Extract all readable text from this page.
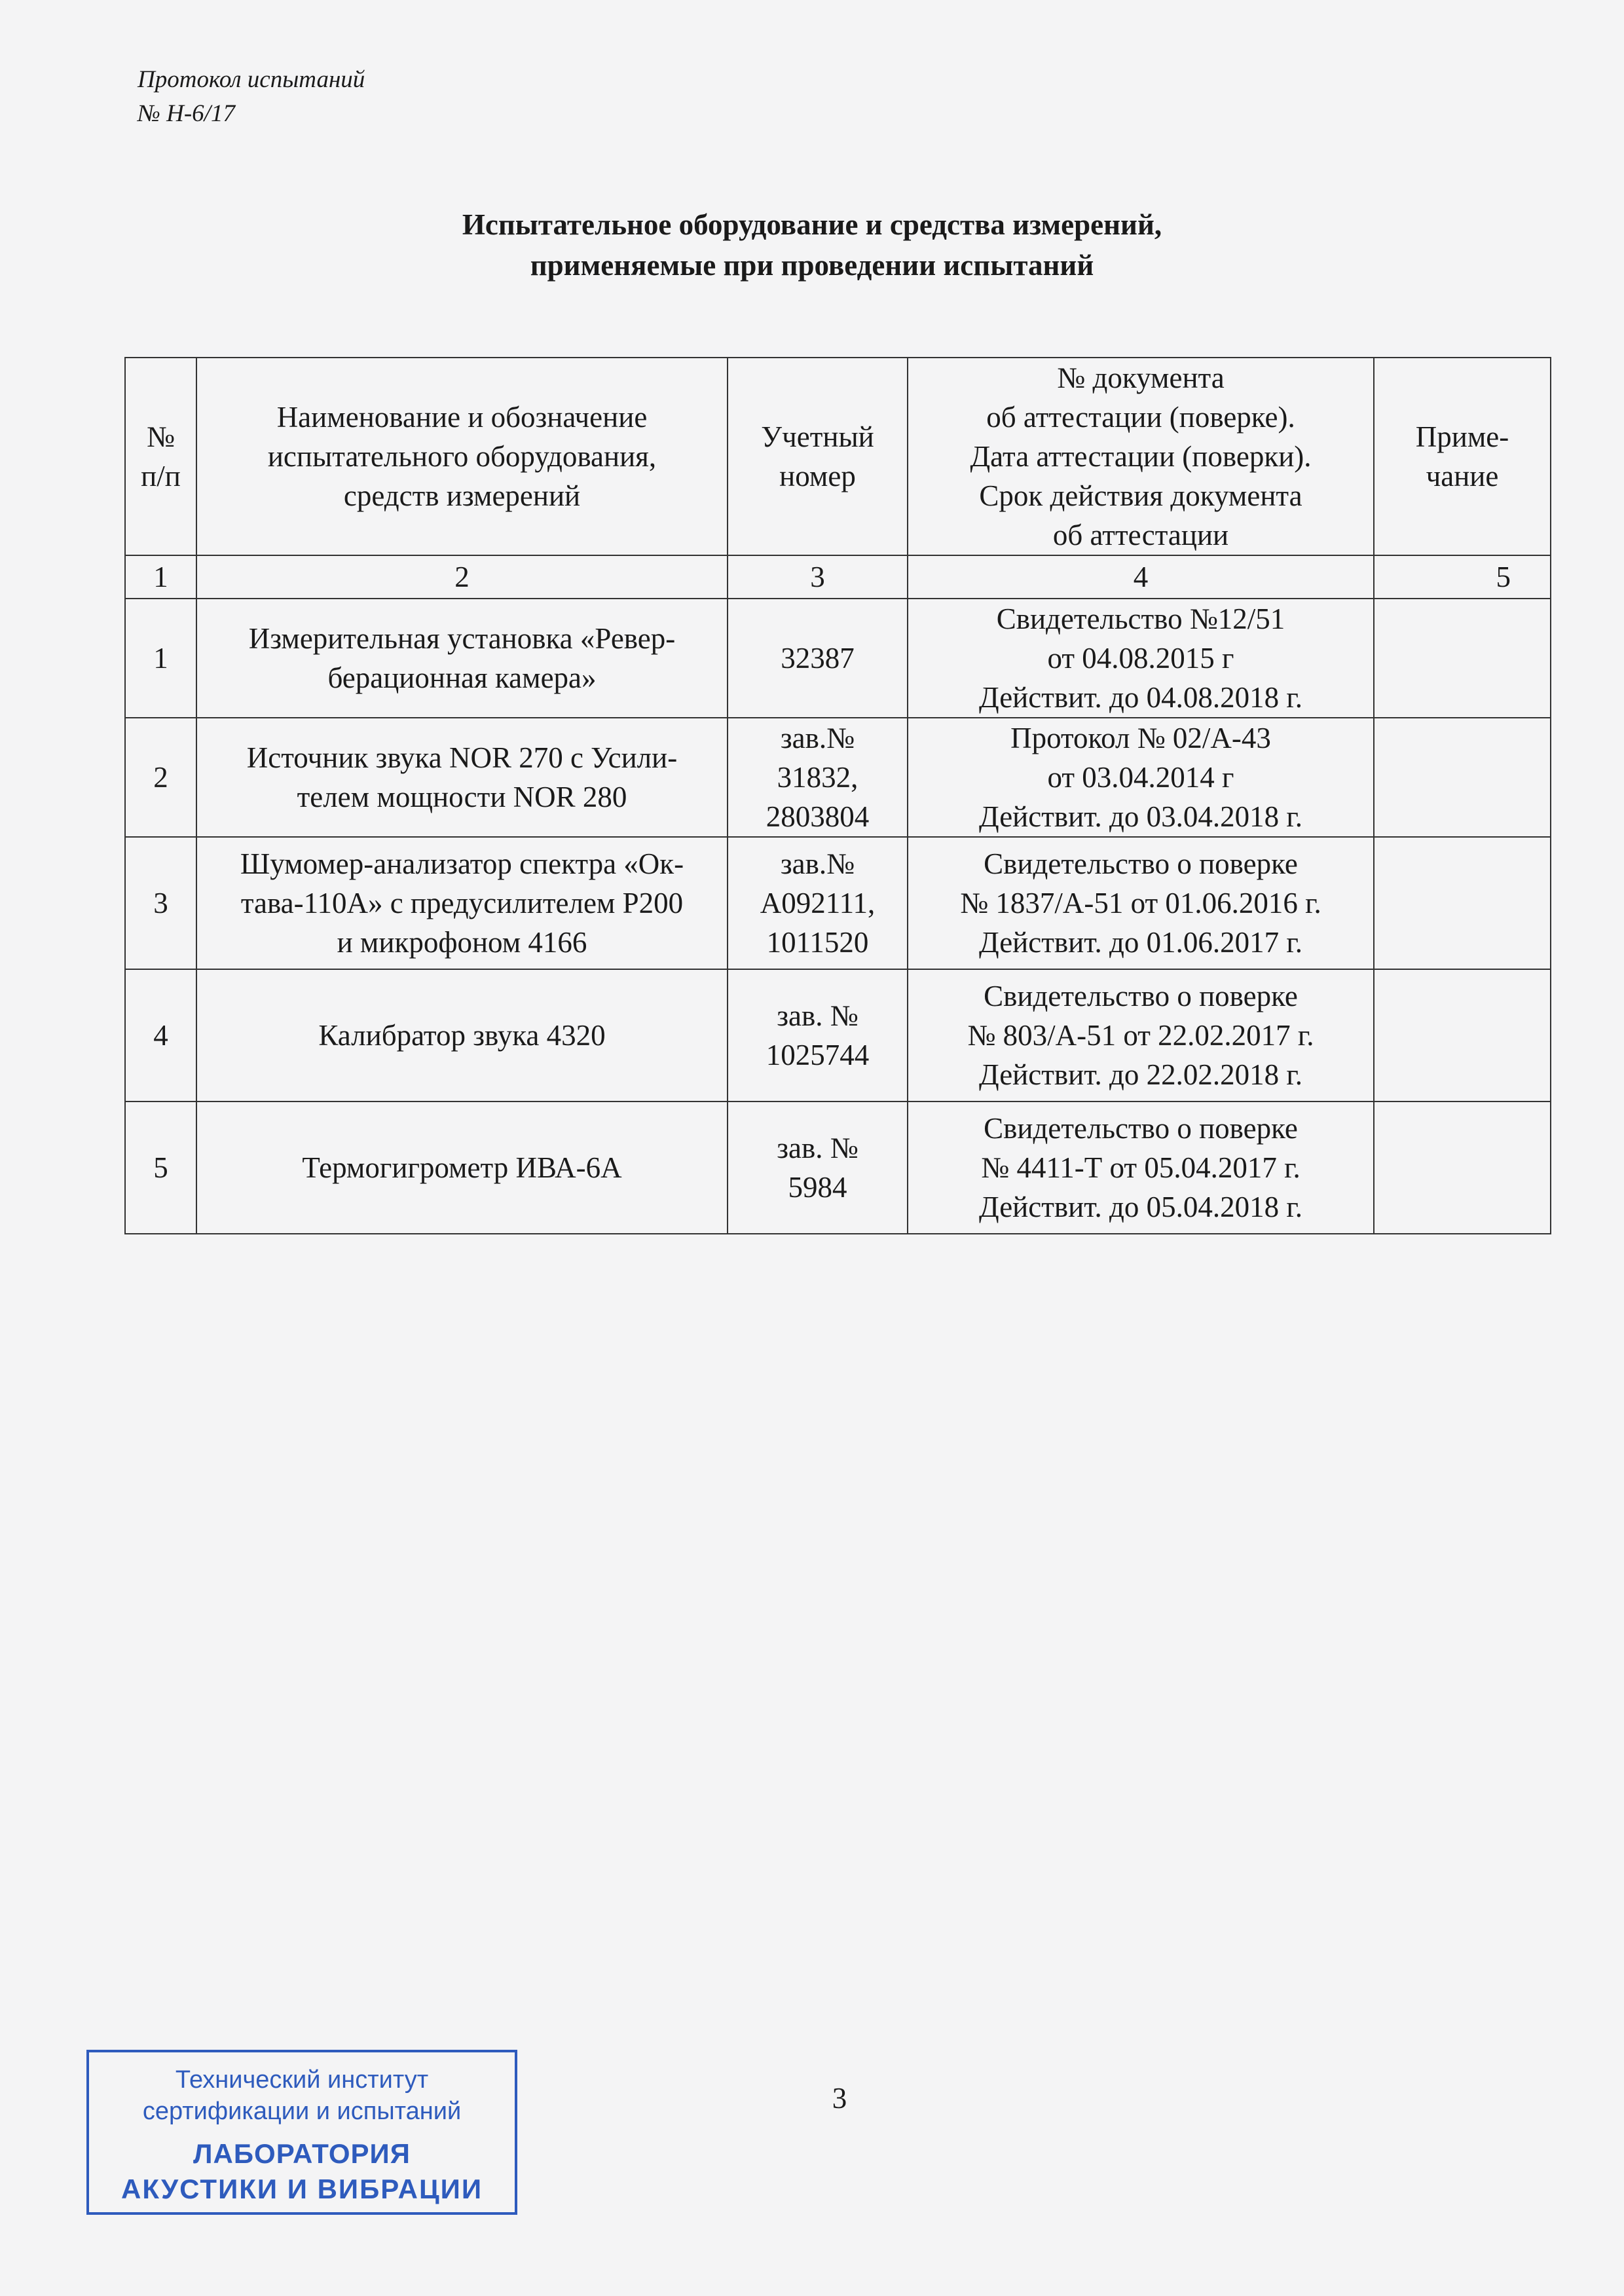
Протокол испытаний
№ Н-6/17
Испытательное оборудование и средства измерений,
применяемые при проведении испытаний
№
п/п	Наименование и обозначение
испытательного оборудования,
средств измерений	Учетный
номер	№ документа
об аттестации (поверке).
Дата аттестации (поверки).
Срок действия документа
об аттестации	Приме-
чание
1	2	3	4	5
1	Измерительная установка «Ревер-
берационная камера»	32387	Свидетельство №12/51
от 04.08.2015 г
Действит. до 04.08.2018 г.	
2	Источник звука NOR 270 с Усили-
телем мощности NOR 280	зав.№
31832,
2803804	Протокол № 02/А-43
от 03.04.2014 г
Действит. до 03.04.2018 г.	
3	Шумомер-анализатор спектра «Ок-
тава-110А» с предусилителем Р200
и микрофоном 4166	зав.№
А092111,
1011520	Свидетельство о поверке
№ 1837/А-51 от 01.06.2016 г.
Действит. до 01.06.2017 г.	
4	Калибратор звука 4320	зав. №
1025744	Свидетельство о поверке
№ 803/А-51 от 22.02.2017 г.
Действит. до 22.02.2018 г.	
5	Термогигрометр ИВА-6А	зав. №
5984	Свидетельство о поверке
№ 4411-Т от 05.04.2017 г.
Действит. до 05.04.2018 г.	
Технический институт
сертификации и испытаний
ЛАБОРАТОРИЯ
АКУСТИКИ И ВИБРАЦИИ
3
